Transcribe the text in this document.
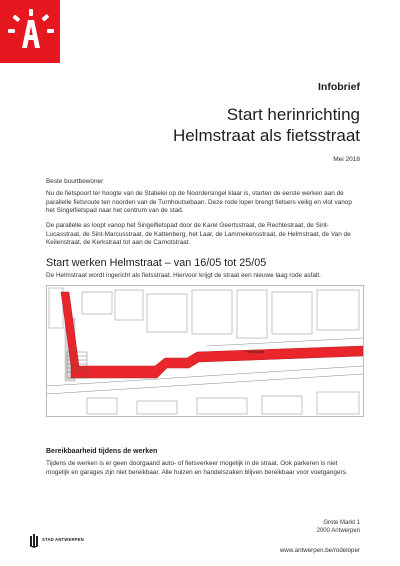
Infobrief
Start herinrichting
Helmstraat als fietsstraat
Mei 2018

Beste buurtbewoner

Nu de fietspoort ter hoogte van de Statielei op de Noordersingel klaar is, starten de eerste werken aan de parallelle fietsroute ten noorden van de Turnhoutsebaan. Deze rode loper brengt fietsers veilig en vlot vanop het Singelfietspad naar het centrum van de stad.

De parallelle as loopt vanop het Singelfietspad door de Karel Geertsstraat, de Rechtestraat, de Sint-Lucasstraat, de Sint-Marcusstraat, de Kattenberg, het Laar, de Lammekensstraat, de Helmstraat, de Van de Keilenstraat, de Kerkstraat tot aan de Carnotstraat.

Start werken Helmstraat – van 16/05 tot 25/05

De Helmstraat wordt ingericht als fietsstraat. Hiervoor krijgt de straat een nieuwe laag rode asfalt.

Helmstraat
Bereikbaarheid tijdens de werken

Tijdens de werken is er geen doorgaand auto- of fietsverkeer mogelijk in de straat. Ook parkeren is niet mogelijk en garages zijn niet bereikbaar. Alle huizen en handelszaken blijven bereikbaar voor voetgangers.

Grote Markt 1
2000 Antwerpen
STAD ANTWERPEN
www.antwerpen.be/rodeloper
